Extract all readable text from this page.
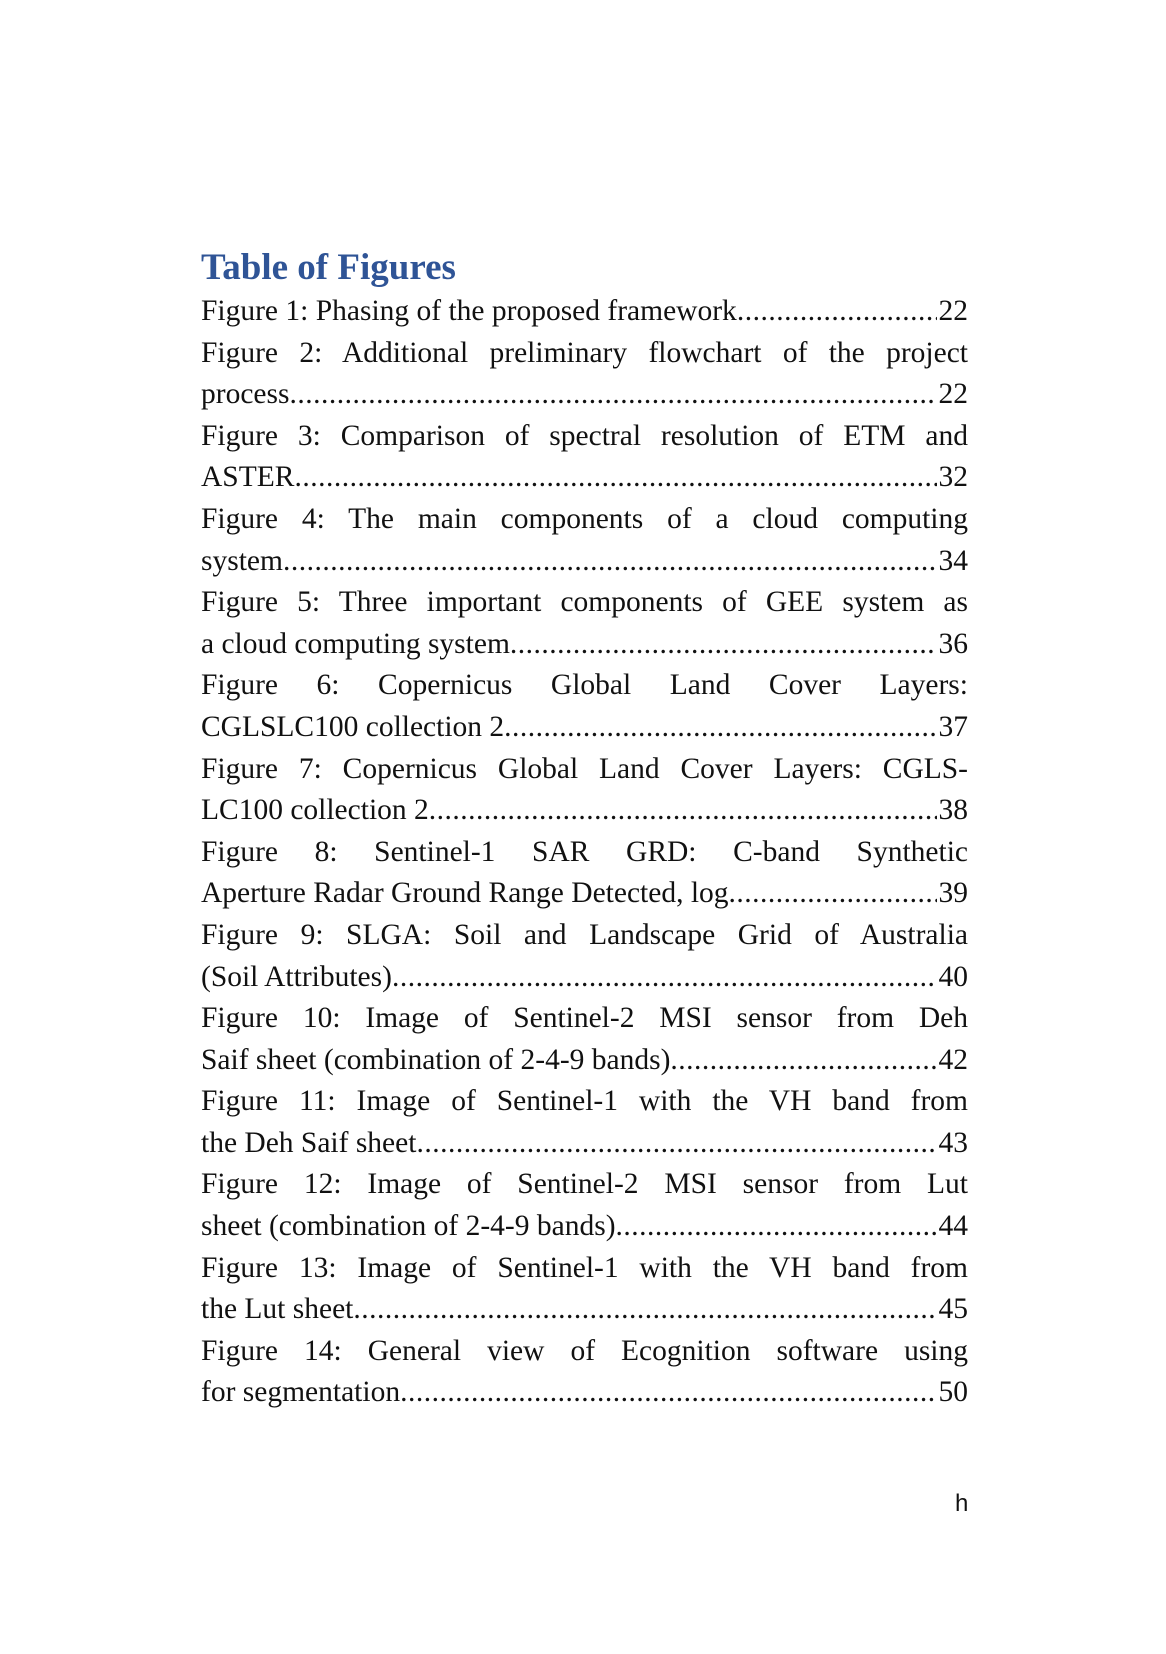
Table of Figures
Figure 1: Phasing of the proposed framework .....	22
Figure 2: Additional preliminary flowchart of the project
process .....	22
Figure 3: Comparison of spectral resolution of ETM and
ASTER .....	32
Figure 4: The main components of a cloud computing
system .....	34
Figure 5: Three important components of GEE system as
a cloud computing system .....	36
Figure 6: Copernicus Global Land Cover Layers:
CGLSLC100 collection 2 .....	37
Figure 7: Copernicus Global Land Cover Layers: CGLS-
LC100 collection 2 .....	38
Figure 8: Sentinel-1 SAR GRD: C-band Synthetic
Aperture Radar Ground Range Detected, log .....	39
Figure 9: SLGA: Soil and Landscape Grid of Australia
(Soil Attributes) .....	40
Figure 10: Image of Sentinel-2 MSI sensor from Deh
Saif sheet (combination of 2-4-9 bands) .....	42
Figure 11: Image of Sentinel-1 with the VH band from
the Deh Saif sheet .....	43
Figure 12: Image of Sentinel-2 MSI sensor from Lut
sheet (combination of 2-4-9 bands) .....	44
Figure 13: Image of Sentinel-1 with the VH band from
the Lut sheet .....	45
Figure 14: General view of Ecognition software using
for segmentation .....	50
h
